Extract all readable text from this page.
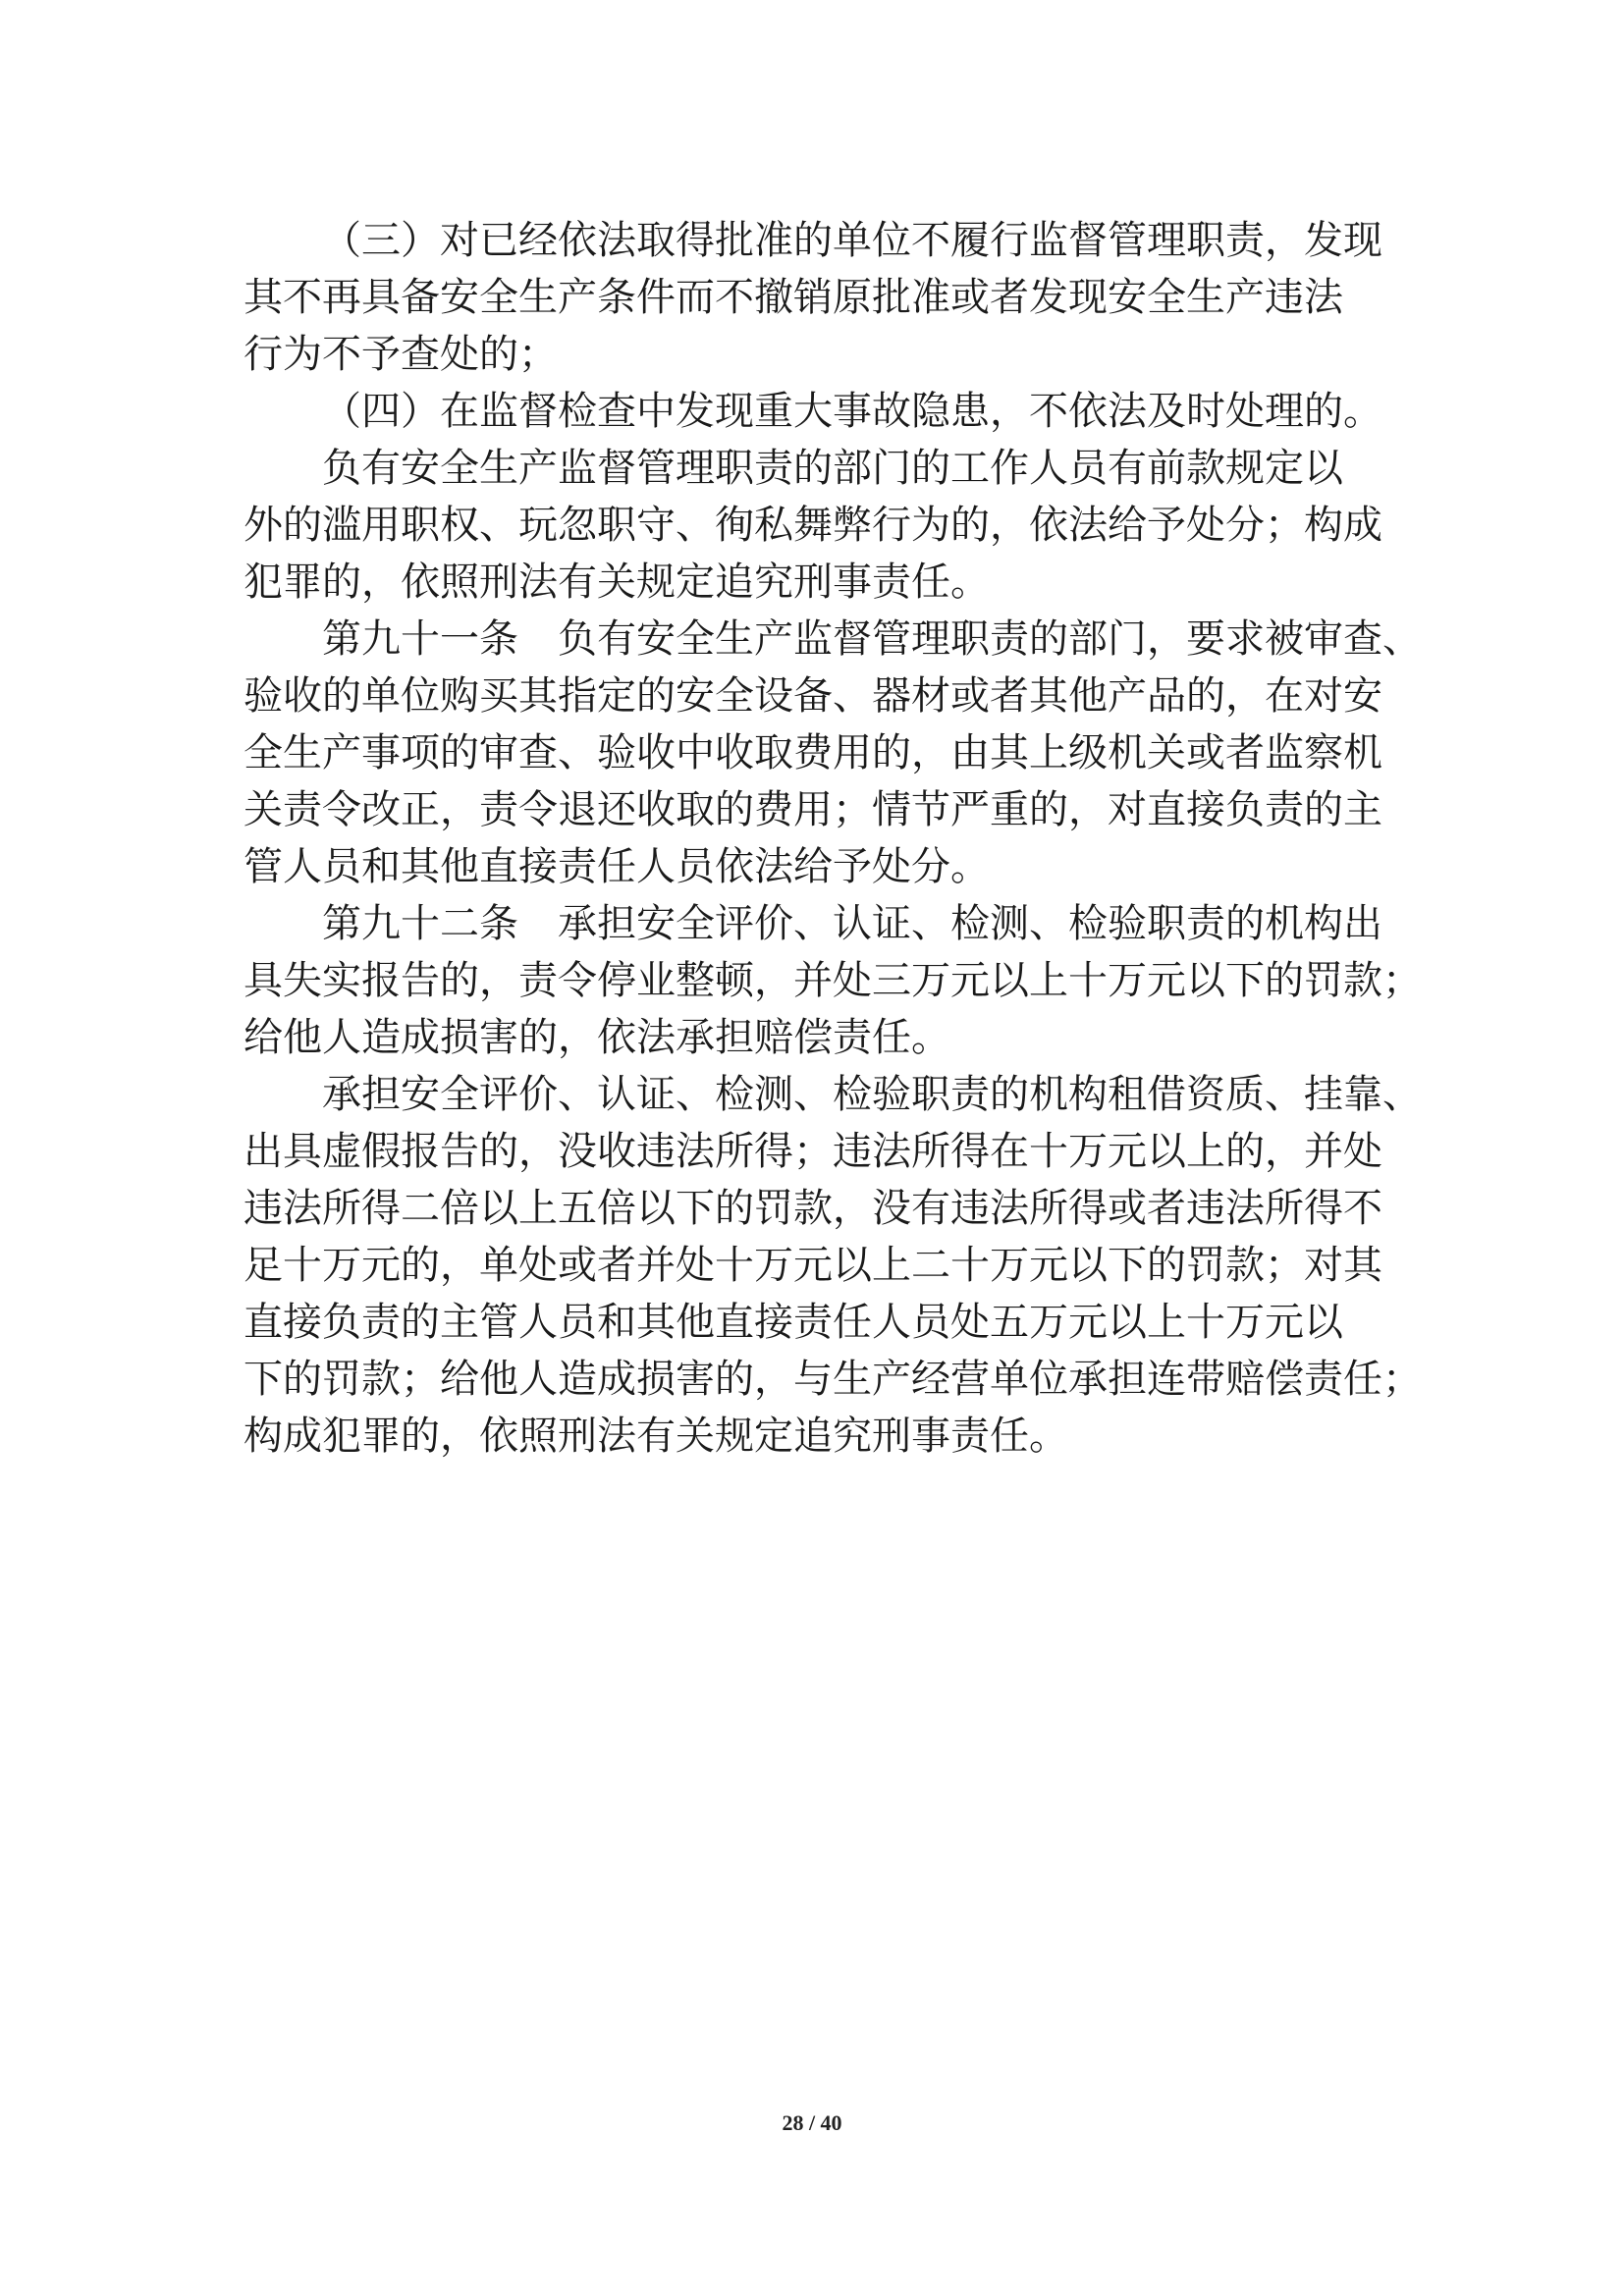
（三）对已经依法取得批准的单位不履行监督管理职责，发现
其不再具备安全生产条件而不撤销原批准或者发现安全生产违法
行为不予查处的；
（四）在监督检查中发现重大事故隐患，不依法及时处理的。
负有安全生产监督管理职责的部门的工作人员有前款规定以
外的滥用职权、玩忽职守、徇私舞弊行为的，依法给予处分；构成
犯罪的，依照刑法有关规定追究刑事责任。
第九十一条　负有安全生产监督管理职责的部门，要求被审查、
验收的单位购买其指定的安全设备、器材或者其他产品的，在对安
全生产事项的审查、验收中收取费用的，由其上级机关或者监察机
关责令改正，责令退还收取的费用；情节严重的，对直接负责的主
管人员和其他直接责任人员依法给予处分。
第九十二条　承担安全评价、认证、检测、检验职责的机构出
具失实报告的，责令停业整顿，并处三万元以上十万元以下的罚款；
给他人造成损害的，依法承担赔偿责任。
承担安全评价、认证、检测、检验职责的机构租借资质、挂靠、
出具虚假报告的，没收违法所得；违法所得在十万元以上的，并处
违法所得二倍以上五倍以下的罚款，没有违法所得或者违法所得不
足十万元的，单处或者并处十万元以上二十万元以下的罚款；对其
直接负责的主管人员和其他直接责任人员处五万元以上十万元以
下的罚款；给他人造成损害的，与生产经营单位承担连带赔偿责任；
构成犯罪的，依照刑法有关规定追究刑事责任。
28 / 40
